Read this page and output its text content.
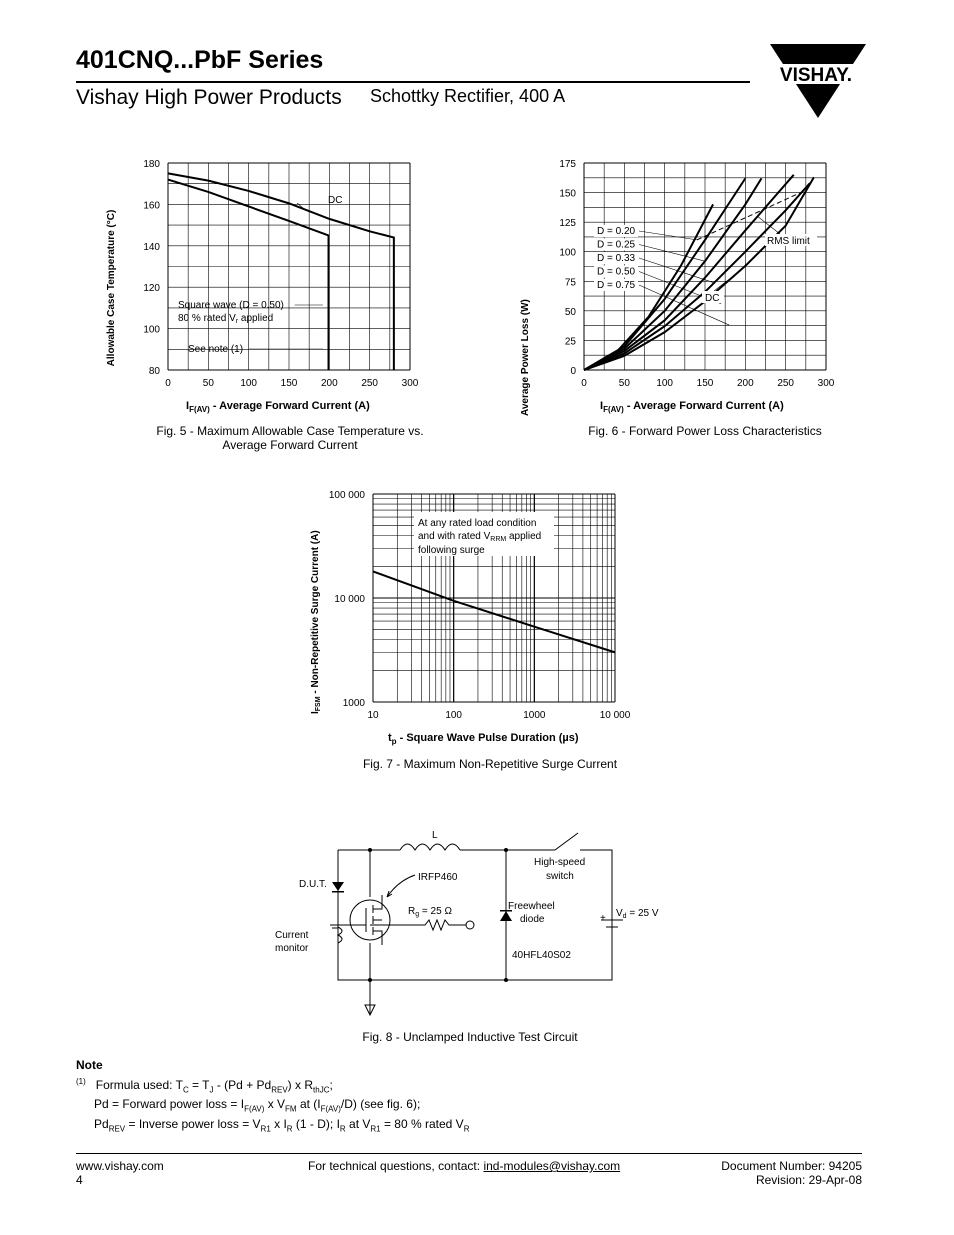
401CNQ...PbF Series
Vishay High Power Products Schottky Rectifier, 400 A
VISHAY.
0	50	100 150 200 250 300
80
100
120
140
160
180
DC
Square wave (D = 0.50)
80 % rated $V_r$ applied
See note (1)
Allowable Case Temperature (°C)
$I_{F(AV)}$ - Average Forward Current (A)
Fig. 5 - Maximum Allowable Case Temperature vs.
Average Forward Current
0	50	100 150 200 250 300
0
25
50
75
100
125
150
175
D = 0.20
D = 0.25
D = 0.33
D = 0.50
D = 0.75
DC
RMS limit
Average Power Loss (W)	$I_{F(AV)}$ - Average Forward Current (A)
Fig. 6 - Forward Power Loss Characteristics
10	100	1000	10 000
1000
10 000
100 000
At any rated load condition
and with rated $V_{RRM}$ applied
following surge
$I_{FSM}$ - Non-Repetitive Surge Current (A)
$t_p$ - Square Wave Pulse Duration (µs)
Fig. 7 - Maximum Non-Repetitive Surge Current
L
D.U.T.
IRFP460
$R_g = 25$ Ω	Freewheel
diode
40HFL40S02
High-speed
switch
Current
monitor
+ $V_d = 25$ V
Fig. 8 - Unclamped Inductive Test Circuit
Note
$^{(1)}$   Formula used: $T_C = T_J - (Pd + Pd_{REV})$ x $R_{thJC}$;
Pd = Forward power loss = $I_{F(AV)}$ x $V_{FM}$ at $(I_{F(AV)}/D)$ (see fig. 6);
$Pd_{REV}$ = Inverse power loss = $V_{R1}$ x $I_R$ (1 - D); $I_R$ at $V_{R1} = 80$ % rated $V_R$
www.vishay.com
4
For technical questions, contact: ind-modules@vishay.com	Document Number: 94205
Revision: 29-Apr-08
